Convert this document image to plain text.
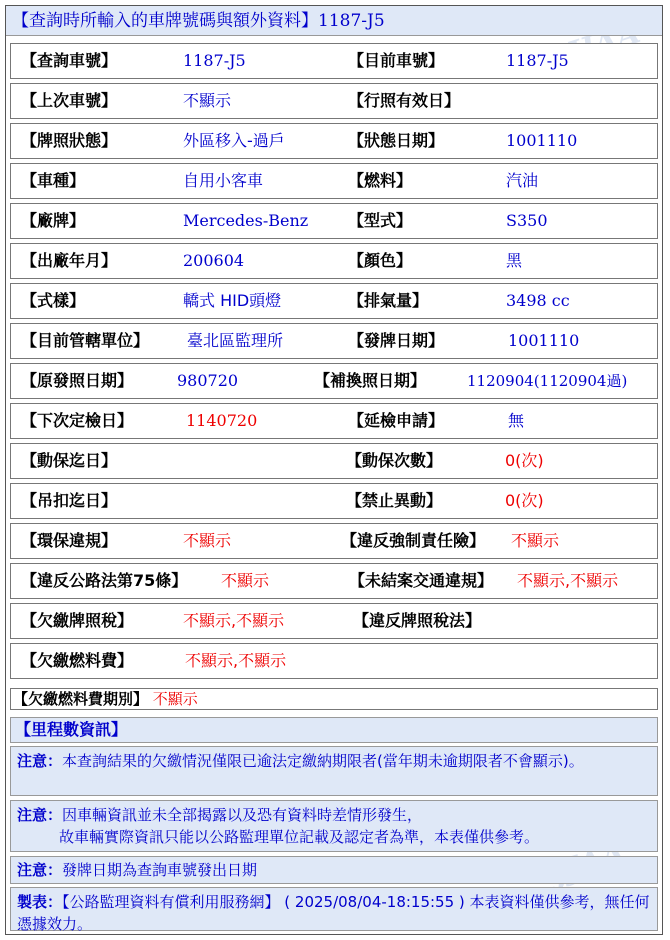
【查詢時所輸入的車牌號碼與額外資料】1187-J5
【查詢車號】	1187-J5	【目前車號】	1187-J5
【上次車號】	不顯示	【行照有效日】
【牌照狀態】	外區移入-過戶	【狀態日期】	1001110
【車種】	自用小客車	【燃料】	汽油
【廠牌】	Mercedes-Benz 【型式】	S350
【出廠年月】	200604	【顏色】	黑
【式樣】	轎式 HID頭燈	【排氣量】	3498 cc
【目前管轄單位】 臺北區監理所	【發牌日期】	1001110
【原發照日期】	980720	【補換照日期】	1120904(1120904過)
【下次定檢日】	1140720	【延檢申請】	無
【動保迄日】	【動保次數】	0(次)
【吊扣迄日】	【禁止異動】	0(次)
【環保違規】	不顯示	【違反強制責任險】 不顯示
【違反公路法第75條】 不顯示	【未結案交通違規】 不顯示,不顯示
【欠繳牌照稅】	不顯示,不顯示	【違反牌照稅法】
【欠繳燃料費】	不顯示,不顯示
【欠繳燃料費期別】 不顯示
【里程數資訊】
注意：本查詢結果的欠繳情況僅限已逾法定繳納期限者(當年期未逾期限者不會顯示)。
注意：因車輛資訊並未全部揭露以及恐有資料時差情形發生，
故車輛實際資訊只能以公路監理單位記載及認定者為準，本表僅供參考。
注意：發牌日期為查詢車號發出日期
製表：【公路監理資料有償利用服務網】 ( 2025/08/04-18:15:55 ) 本表資料僅供參考，無任何憑據效力。
